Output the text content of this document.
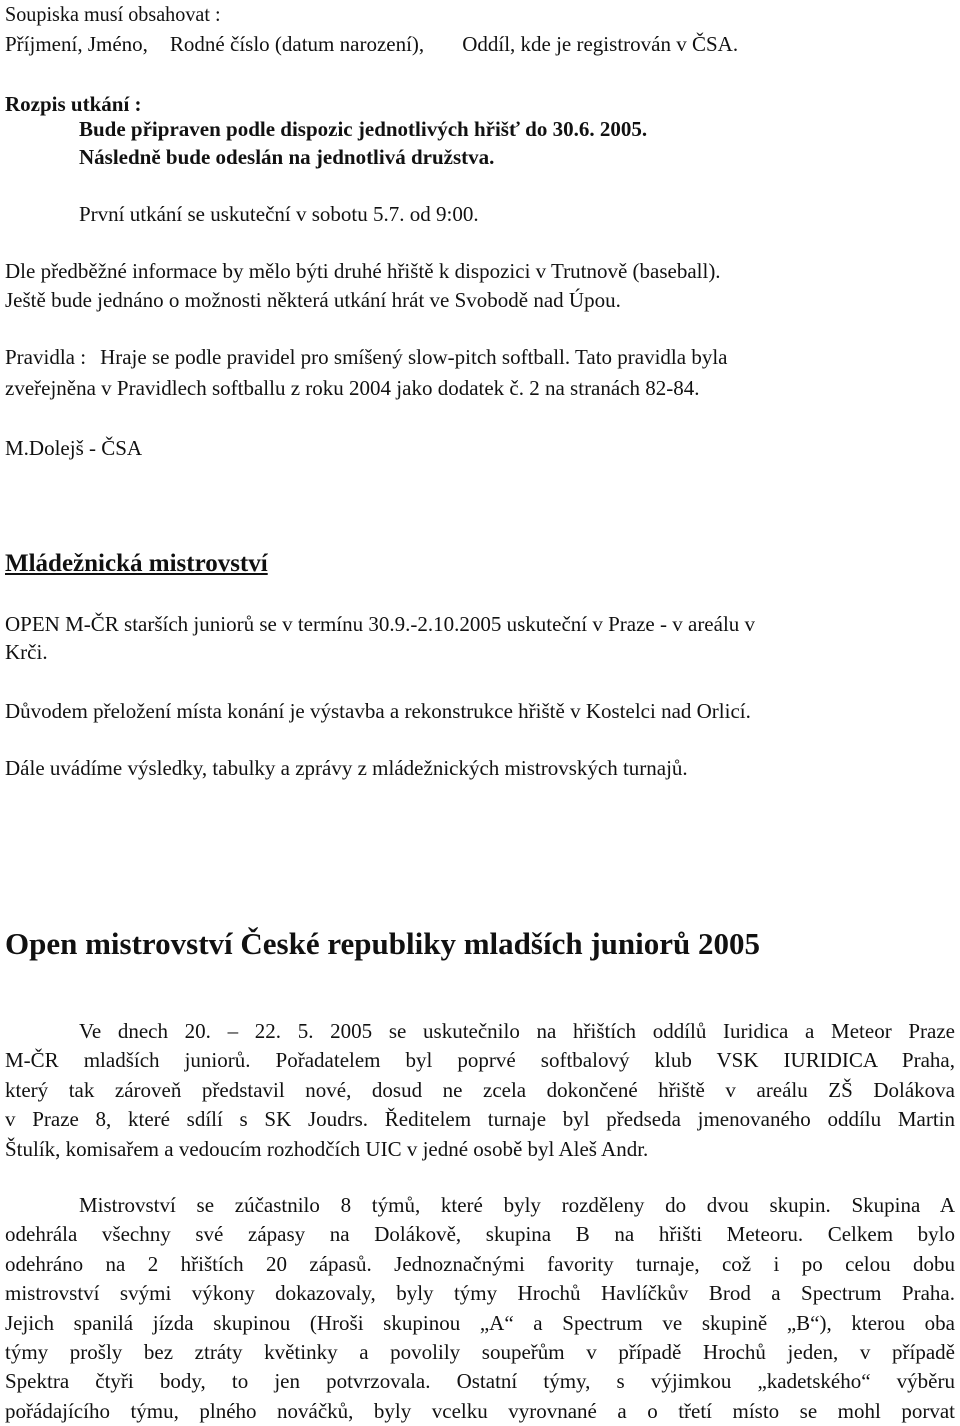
Soupiska musí obsahovat :

Příjmení, Jméno, Rodné číslo (datum narození), Oddíl, kde je registrován v ČSA.

Rozpis utkání :

Bude připraven podle dispozic jednotlivých hřišť do 30.6. 2005.

Následně bude odeslán na jednotlivá družstva.

První utkání se uskuteční v sobotu 5.7. od 9:00.

Dle předběžné informace by mělo býti druhé hřiště k dispozici v Trutnově (baseball).

Ještě bude jednáno o možnosti některá utkání hrát ve Svobodě nad Úpou.

Pravidla : Hraje se podle pravidel pro smíšený slow-pitch softball. Tato pravidla byla

zveřejněna v Pravidlech softballu z roku 2004 jako dodatek č. 2 na stranách 82-84.

M.Dolejš - ČSA

Mládežnická mistrovství

OPEN M-ČR starších juniorů se v termínu 30.9.-2.10.2005 uskuteční v Praze - v areálu v

Krči.

Důvodem přeložení místa konání je výstavba a rekonstrukce hřiště v Kostelci nad Orlicí.

Dále uvádíme výsledky, tabulky a zprávy z mládežnických mistrovských turnajů.

Open mistrovství České republiky mladších juniorů 2005

Ve dnech 20. – 22. 5. 2005 se uskutečnilo na hřištích oddílů Iuridica a Meteor Praze
M-ČR mladších juniorů. Pořadatelem byl poprvé softbalový klub VSK IURIDICA Praha,
který tak zároveň představil nové, dosud ne zcela dokončené hřiště v areálu ZŠ Dolákova
v Praze 8, které sdílí s SK Joudrs. Ředitelem turnaje byl předseda jmenovaného oddílu Martin
Štulík, komisařem a vedoucím rozhodčích UIC v jedné osobě byl Aleš Andr.
Mistrovství se zúčastnilo 8 týmů, které byly rozděleny do dvou skupin. Skupina A
odehrála všechny své zápasy na Dolákově, skupina B na hřišti Meteoru. Celkem bylo
odehráno na 2 hřištích 20 zápasů. Jednoznačnými favority turnaje, což i po celou dobu
mistrovství svými výkony dokazovaly, byly týmy Hrochů Havlíčkův Brod a Spectrum Praha.
Jejich spanilá jízda skupinou (Hroši skupinou „A“ a Spectrum ve skupině „B“), kterou oba
týmy prošly bez ztráty květinky a povolily soupeřům v případě Hrochů jeden, v případě
Spektra čtyři body, to jen potvrzovala. Ostatní týmy, s výjimkou „kadetského“ výběru
pořádajícího týmu, plného nováčků, byly vcelku vyrovnané a o třetí místo se mohl porvat
